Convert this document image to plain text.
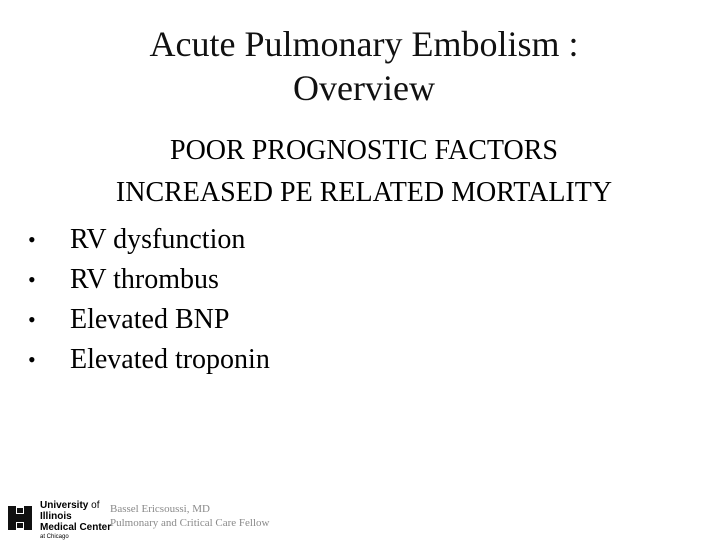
Acute Pulmonary Embolism :
Overview
POOR PROGNOSTIC FACTORS
INCREASED PE RELATED MORTALITY
• RV dysfunction
• RV thrombus
• Elevated BNP
• Elevated troponin
University of
Illinois
Medical Center
at Chicago
Bassel Ericsoussi, MD
Pulmonary and Critical Care Fellow
